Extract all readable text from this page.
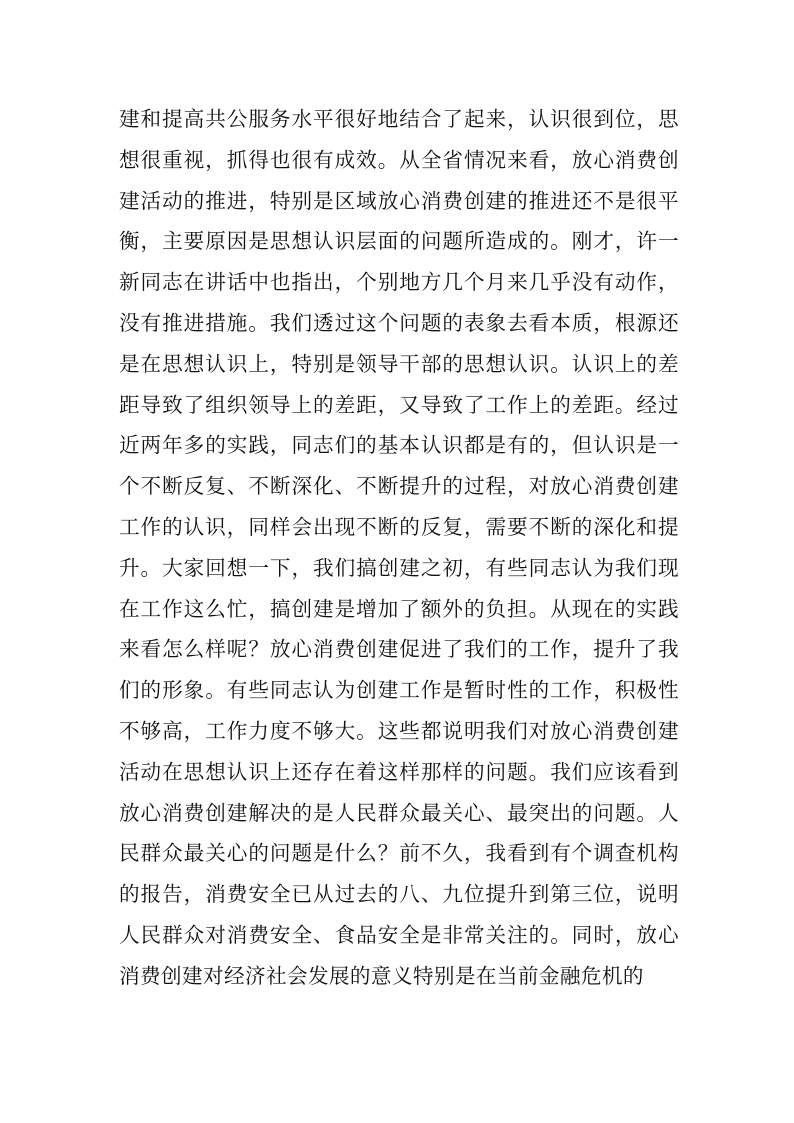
建和提高共公服务水平很好地结合了起来，认识很到位，思
想很重视，抓得也很有成效。从全省情况来看，放心消费创
建活动的推进，特别是区域放心消费创建的推进还不是很平
衡，主要原因是思想认识层面的问题所造成的。刚才，许一
新同志在讲话中也指出，个别地方几个月来几乎没有动作，
没有推进措施。我们透过这个问题的表象去看本质，根源还
是在思想认识上，特别是领导干部的思想认识。认识上的差
距导致了组织领导上的差距，又导致了工作上的差距。经过
近两年多的实践，同志们的基本认识都是有的，但认识是一
个不断反复、不断深化、不断提升的过程，对放心消费创建
工作的认识，同样会出现不断的反复，需要不断的深化和提
升。大家回想一下，我们搞创建之初，有些同志认为我们现
在工作这么忙，搞创建是增加了额外的负担。从现在的实践
来看怎么样呢？放心消费创建促进了我们的工作，提升了我
们的形象。有些同志认为创建工作是暂时性的工作，积极性
不够高，工作力度不够大。这些都说明我们对放心消费创建
活动在思想认识上还存在着这样那样的问题。我们应该看到
放心消费创建解决的是人民群众最关心、最突出的问题。人
民群众最关心的问题是什么？前不久，我看到有个调查机构
的报告，消费安全已从过去的八、九位提升到第三位，说明
人民群众对消费安全、食品安全是非常关注的。同时，放心
消费创建对经济社会发展的意义特别是在当前金融危机的
